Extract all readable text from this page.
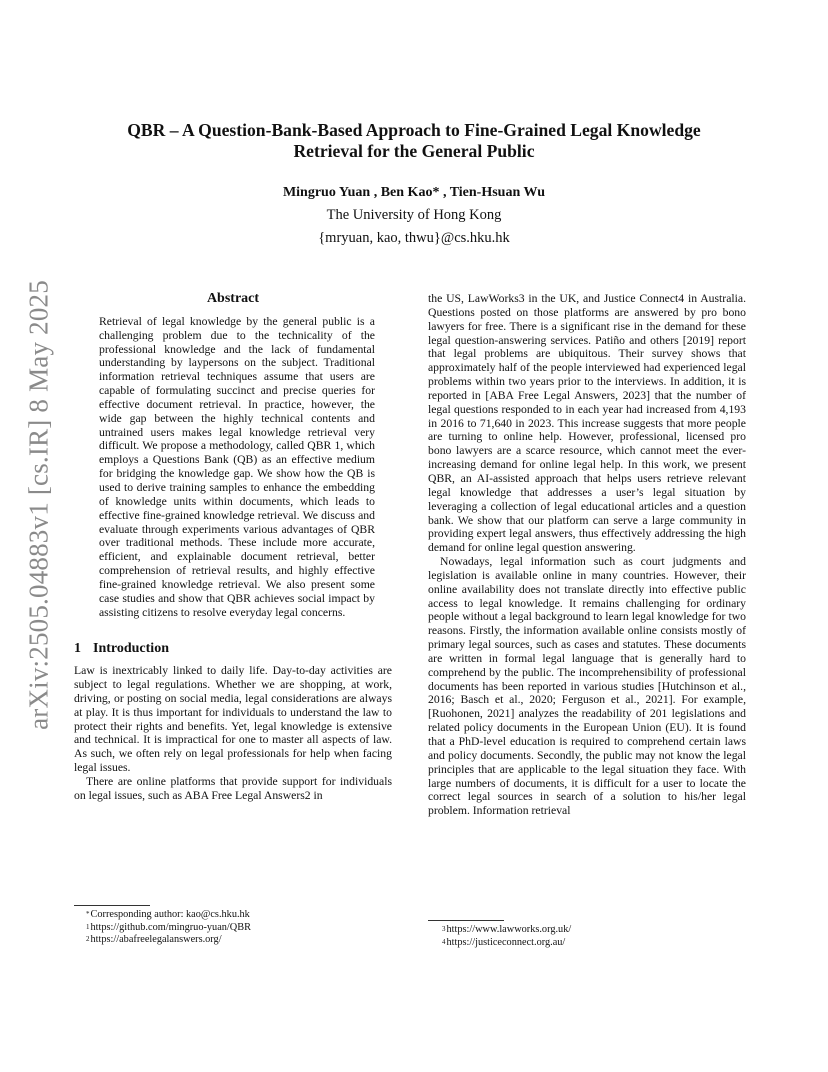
arXiv:2505.04883v1 [cs.IR] 8 May 2025
QBR – A Question-Bank-Based Approach to Fine-Grained Legal Knowledge
Retrieval for the General Public
Mingruo Yuan , Ben Kao* , Tien-Hsuan Wu
The University of Hong Kong
{mryuan, kao, thwu}@cs.hku.hk
Abstract

Retrieval of legal knowledge by the general public is a challenging problem due to the technicality of the professional knowledge and the lack of fundamental understanding by laypersons on the subject. Traditional information retrieval techniques assume that users are capable of formulating succinct and precise queries for effective document retrieval. In practice, however, the wide gap between the highly technical contents and untrained users makes legal knowledge retrieval very difficult. We propose a methodology, called QBR 1, which employs a Questions Bank (QB) as an effective medium for bridging the knowledge gap. We show how the QB is used to derive training samples to enhance the embedding of knowledge units within documents, which leads to effective fine-grained knowledge retrieval. We discuss and evaluate through experiments various advantages of QBR over traditional methods. These include more accurate, efficient, and explainable document retrieval, better comprehension of retrieval results, and highly effective fine-grained knowledge retrieval. We also present some case studies and show that QBR achieves social impact by assisting citizens to resolve everyday legal concerns.

1 Introduction

Law is inextricably linked to daily life. Day-to-day activities are subject to legal regulations. Whether we are shopping, at work, driving, or posting on social media, legal considerations are always at play. It is thus important for individuals to understand the law to protect their rights and benefits. Yet, legal knowledge is extensive and technical. It is impractical for one to master all aspects of law. As such, we often rely on legal professionals for help when facing legal issues.

There are online platforms that provide support for individuals on legal issues, such as ABA Free Legal Answers2 in

the US, LawWorks3 in the UK, and Justice Connect4 in Australia. Questions posted on those platforms are answered by pro bono lawyers for free. There is a significant rise in the demand for these legal question-answering services. Patiño and others [2019] report that legal problems are ubiquitous. Their survey shows that approximately half of the people interviewed had experienced legal problems within two years prior to the interviews. In addition, it is reported in [ABA Free Legal Answers, 2023] that the number of legal questions responded to in each year had increased from 4,193 in 2016 to 71,640 in 2023. This increase suggests that more people are turning to online help. However, professional, licensed pro bono lawyers are a scarce resource, which cannot meet the ever-increasing demand for online legal help. In this work, we present QBR, an AI-assisted approach that helps users retrieve relevant legal knowledge that addresses a user’s legal situation by leveraging a collection of legal educational articles and a question bank. We show that our platform can serve a large community in providing expert legal answers, thus effectively addressing the high demand for online legal question answering.

Nowadays, legal information such as court judgments and legislation is available online in many countries. However, their online availability does not translate directly into effective public access to legal knowledge. It remains challenging for ordinary people without a legal background to learn legal knowledge for two reasons. Firstly, the information available online consists mostly of primary legal sources, such as cases and statutes. These documents are written in formal legal language that is generally hard to comprehend by the public. The incomprehensibility of professional documents has been reported in various studies [Hutchinson et al., 2016; Basch et al., 2020; Ferguson et al., 2021]. For example, [Ruohonen, 2021] analyzes the readability of 201 legislations and related policy documents in the European Union (EU). It is found that a PhD-level education is required to comprehend certain laws and policy documents. Secondly, the public may not know the legal principles that are applicable to the legal situation they face. With large numbers of documents, it is difficult for a user to locate the correct legal sources in search of a solution to his/her legal problem. Information retrieval

*Corresponding author: kao@cs.hku.hk
$^1$https://github.com/mingruo-yuan/QBR
$^2$https://abafreelegalanswers.org/
$^3$https://www.lawworks.org.uk/
$^4$https://justiceconnect.org.au/
